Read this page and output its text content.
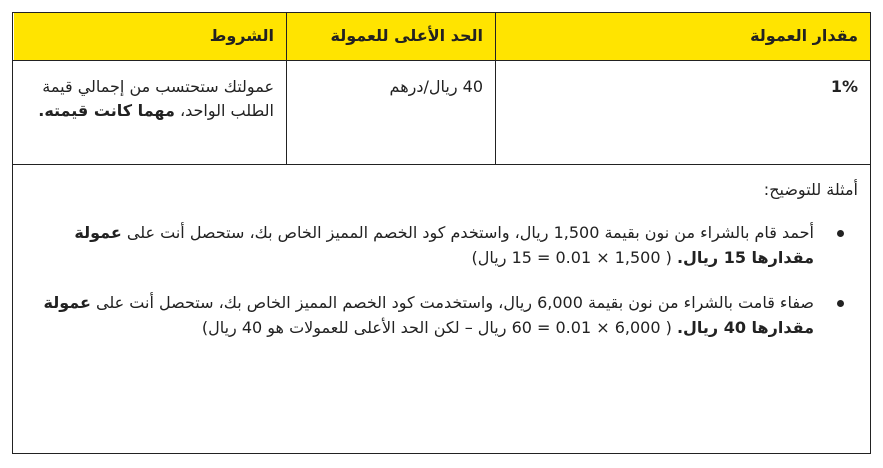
مقدار العمولة
الحد الأعلى للعمولة
الشروط
1%
40 ريال/درهم
عمولتك ستحتسب من إجمالي قيمة الطلب الواحد، مهما كانت قيمته.

أمثلة للتوضيح:

أحمد قام بالشراء من نون بقيمة 1,500 ريال، واستخدم كود الخصم المميز الخاص بك، ستحصل أنت على عمولة مقدارها 15 ريال. ( 1,500 × 0.01 = 15 ريال)
صفاء قامت بالشراء من نون بقيمة 6,000 ريال، واستخدمت كود الخصم المميز الخاص بك، ستحصل أنت على عمولة مقدارها 40 ريال. ( 6,000 × 0.01 = 60 ريال – لكن الحد الأعلى للعمولات هو 40 ريال)
